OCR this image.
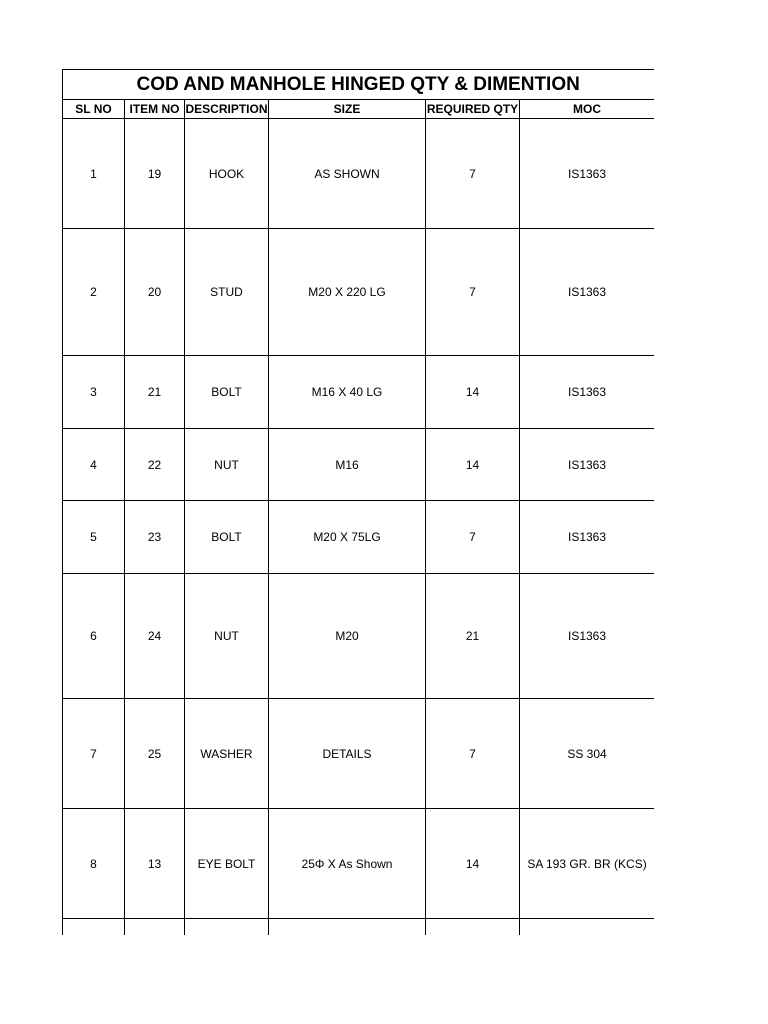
	COD AND MANHOLE HINGED QTY & DIMENTION				
SL NO	ITEM NO	DESCRIPTION	SIZE	REQUIRED QTY	MOC
1	19	HOOK	AS SHOWN	7	IS1363
2	20	STUD	M20 X 220 LG	7	IS1363
3	21	BOLT	M16 X 40 LG	14	IS1363
4	22	NUT	M16	14	IS1363
5	23	BOLT	M20 X 75LG	7	IS1363
6	24	NUT	M20	21	IS1363
7	25	WASHER	DETAILS	7	SS 304
8	13	EYE BOLT	25Φ X As Shown	14	SA 193 GR. BR (KCS)
